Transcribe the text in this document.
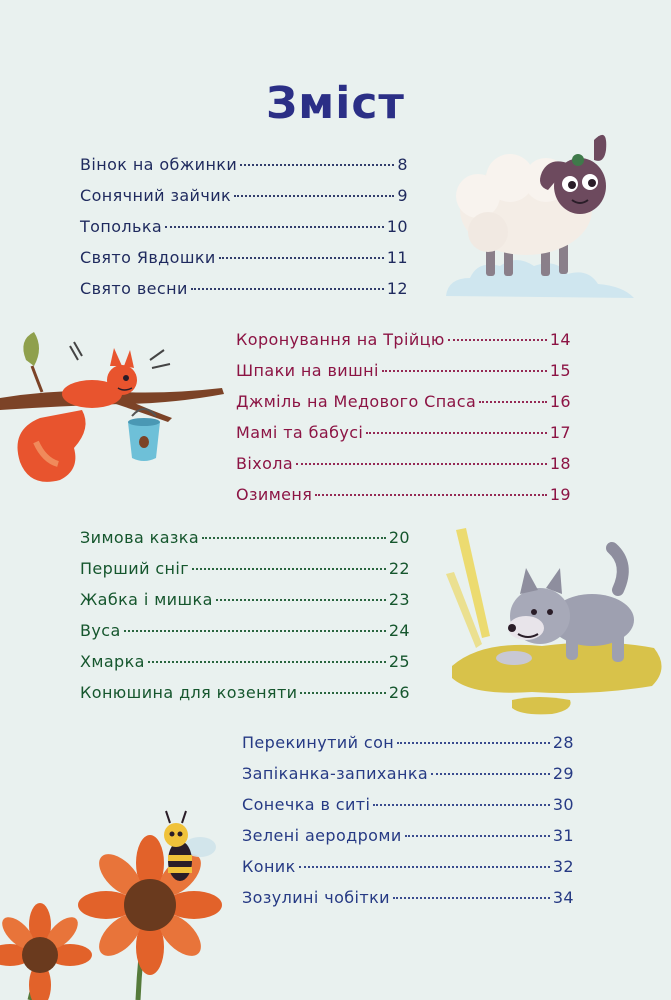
Зміст
Вінок на обжинки	8
Сонячний зайчик	9
Тополька	10
Свято Явдошки	11
Свято весни	12
Коронування на Трійцю	14
Шпаки на вишні	15
Джміль на Медового Спаса	16
Мамі та бабусі	17
Віхола	18
Озименя	19
Зимова казка	20
Перший сніг	22
Жабка і мишка	23
Вуса	24
Хмарка	25
Конюшина для козеняти	26
Перекинутий сон	28
Запіканка-запиханка	29
Сонечка в ситі	30
Зелені аеродроми	31
Коник	32
Зозулині чобітки	34
